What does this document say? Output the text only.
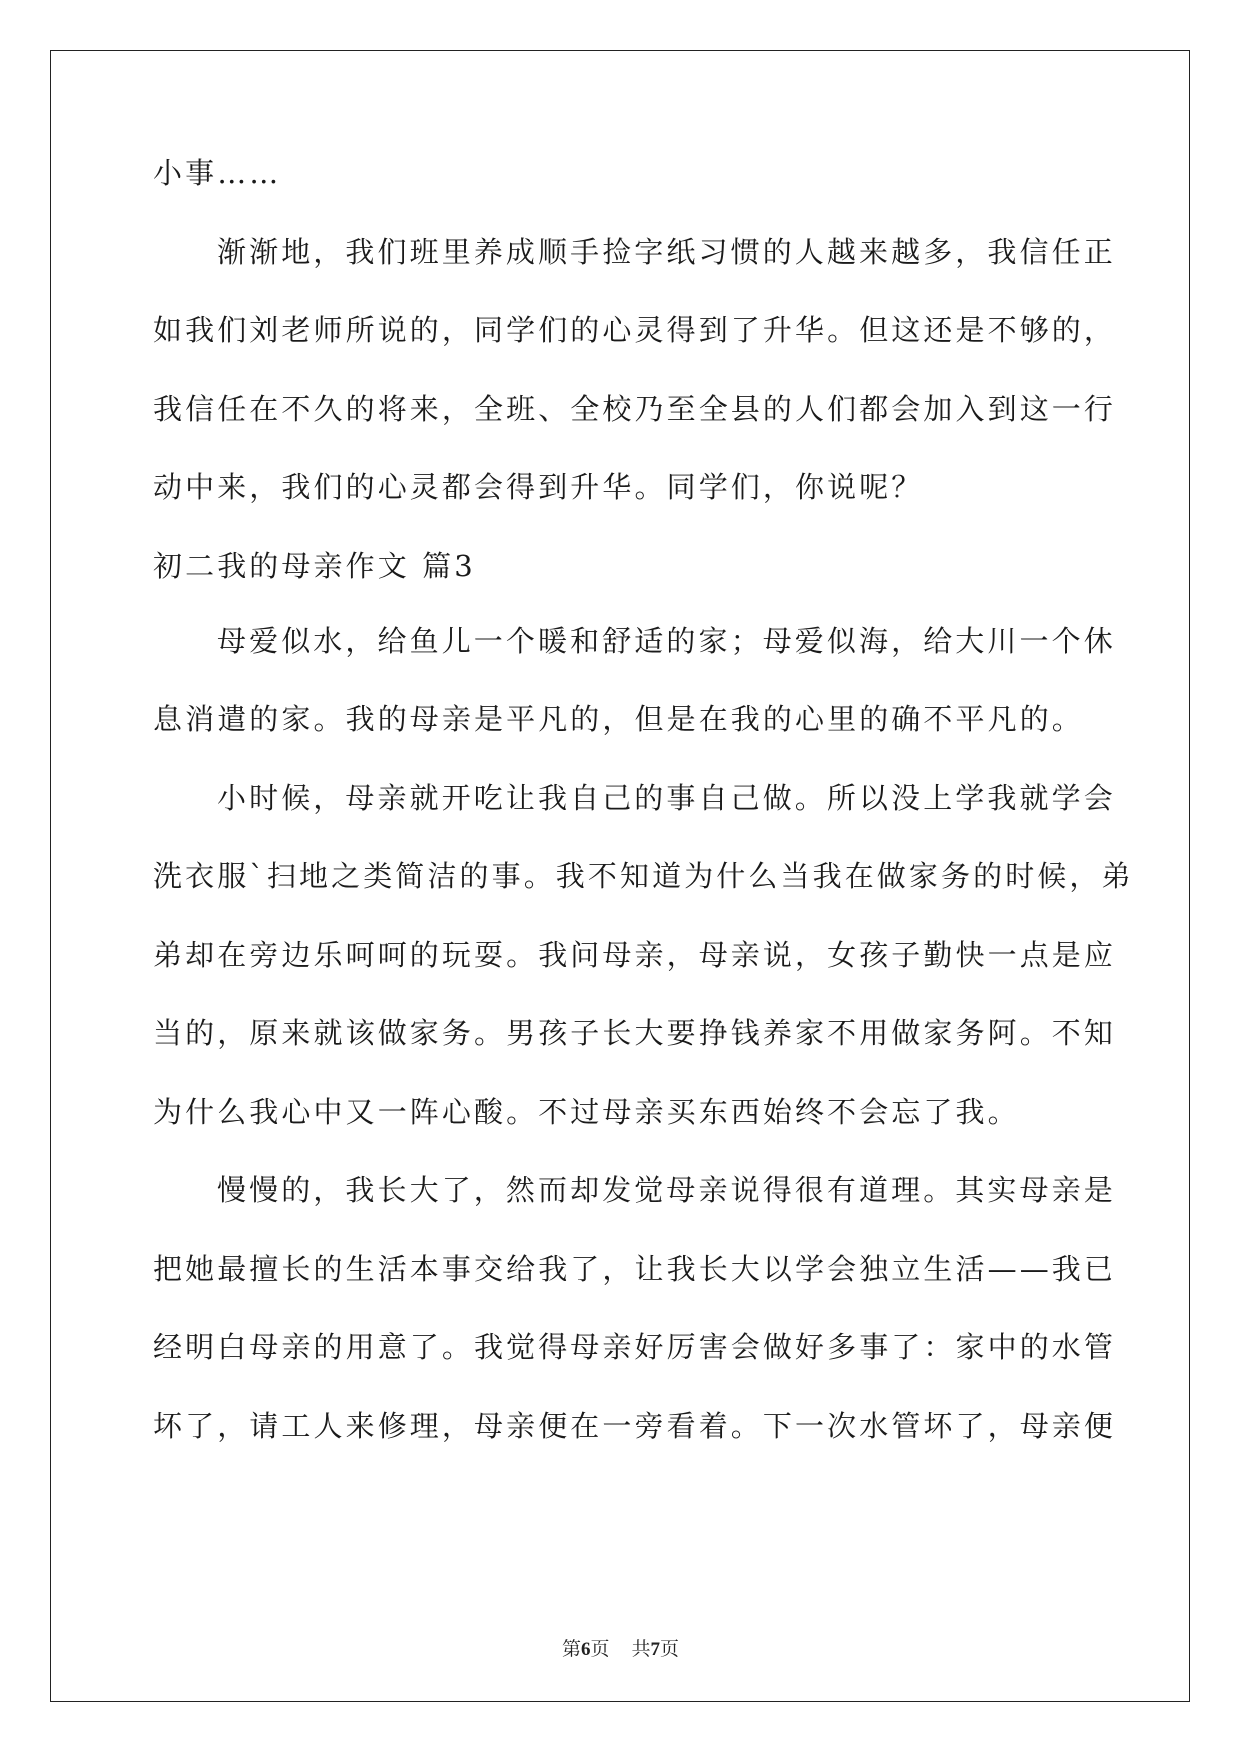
小事……
渐渐地，我们班里养成顺手捡字纸习惯的人越来越多，我信任正
如我们刘老师所说的，同学们的心灵得到了升华。但这还是不够的，
我信任在不久的将来，全班、全校乃至全县的人们都会加入到这一行
动中来，我们的心灵都会得到升华。同学们，你说呢？
初二我的母亲作文 篇3
母爱似水，给鱼儿一个暖和舒适的家；母爱似海，给大川一个休
息消遣的家。我的母亲是平凡的，但是在我的心里的确不平凡的。
小时候，母亲就开吃让我自己的事自己做。所以没上学我就学会
洗衣服`扫地之类简洁的事。我不知道为什么当我在做家务的时候，弟
弟却在旁边乐呵呵的玩耍。我问母亲，母亲说，女孩子勤快一点是应
当的，原来就该做家务。男孩子长大要挣钱养家不用做家务阿。不知
为什么我心中又一阵心酸。不过母亲买东西始终不会忘了我。
慢慢的，我长大了，然而却发觉母亲说得很有道理。其实母亲是
把她最擅长的生活本事交给我了，让我长大以学会独立生活——我已
经明白母亲的用意了。我觉得母亲好厉害会做好多事了：家中的水管
坏了，请工人来修理，母亲便在一旁看着。下一次水管坏了，母亲便
第6页 共7页
